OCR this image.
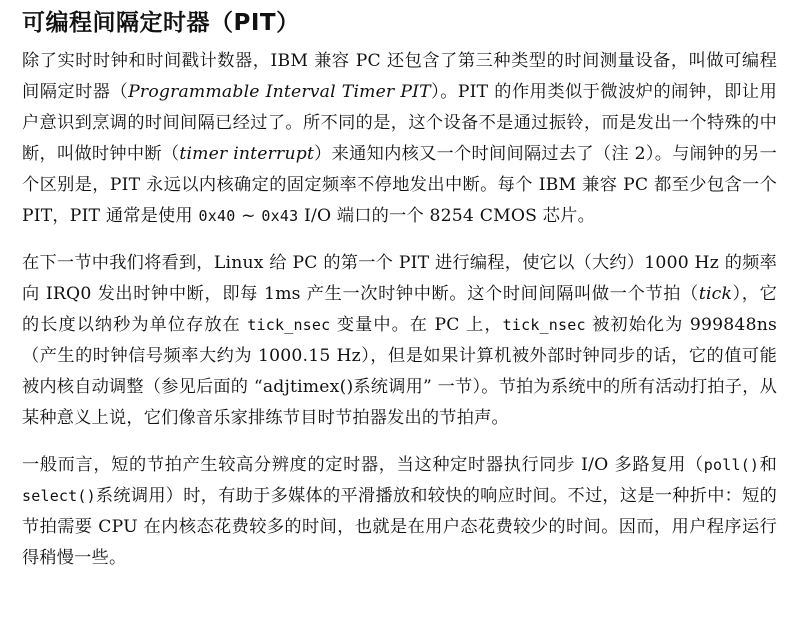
可编程间隔定时器（PIT）

除了实时时钟和时间戳计数器，IBM 兼容 PC 还包含了第三种类型的时间测量设备，叫做可编程间隔定时器（Programmable Interval Timer PIT）。PIT 的作用类似于微波炉的闹钟，即让用户意识到烹调的时间间隔已经过了。所不同的是，这个设备不是通过振铃，而是发出一个特殊的中断，叫做时钟中断（timer interrupt）来通知内核又一个时间间隔过去了（注 2）。与闹钟的另一个区别是，PIT 永远以内核确定的固定频率不停地发出中断。每个 IBM 兼容 PC 都至少包含一个 PIT，PIT 通常是使用 0x40 ~ 0x43 I/O 端口的一个 8254 CMOS 芯片。

在下一节中我们将看到，Linux 给 PC 的第一个 PIT 进行编程，使它以（大约）1000 Hz 的频率向 IRQ0 发出时钟中断，即每 1ms 产生一次时钟中断。这个时间间隔叫做一个节拍（tick），它的长度以纳秒为单位存放在 tick_nsec 变量中。在 PC 上，tick_nsec 被初始化为 999848ns（产生的时钟信号频率大约为 1000.15 Hz），但是如果计算机被外部时钟同步的话，它的值可能被内核自动调整（参见后面的 “adjtimex()系统调用” 一节）。节拍为系统中的所有活动打拍子，从某种意义上说，它们像音乐家排练节目时节拍器发出的节拍声。

一般而言，短的节拍产生较高分辨度的定时器，当这种定时器执行同步 I/O 多路复用（poll()和 select()系统调用）时，有助于多媒体的平滑播放和较快的响应时间。不过，这是一种折中：短的节拍需要 CPU 在内核态花费较多的时间，也就是在用户态花费较少的时间。因而，用户程序运行得稍慢一些。
